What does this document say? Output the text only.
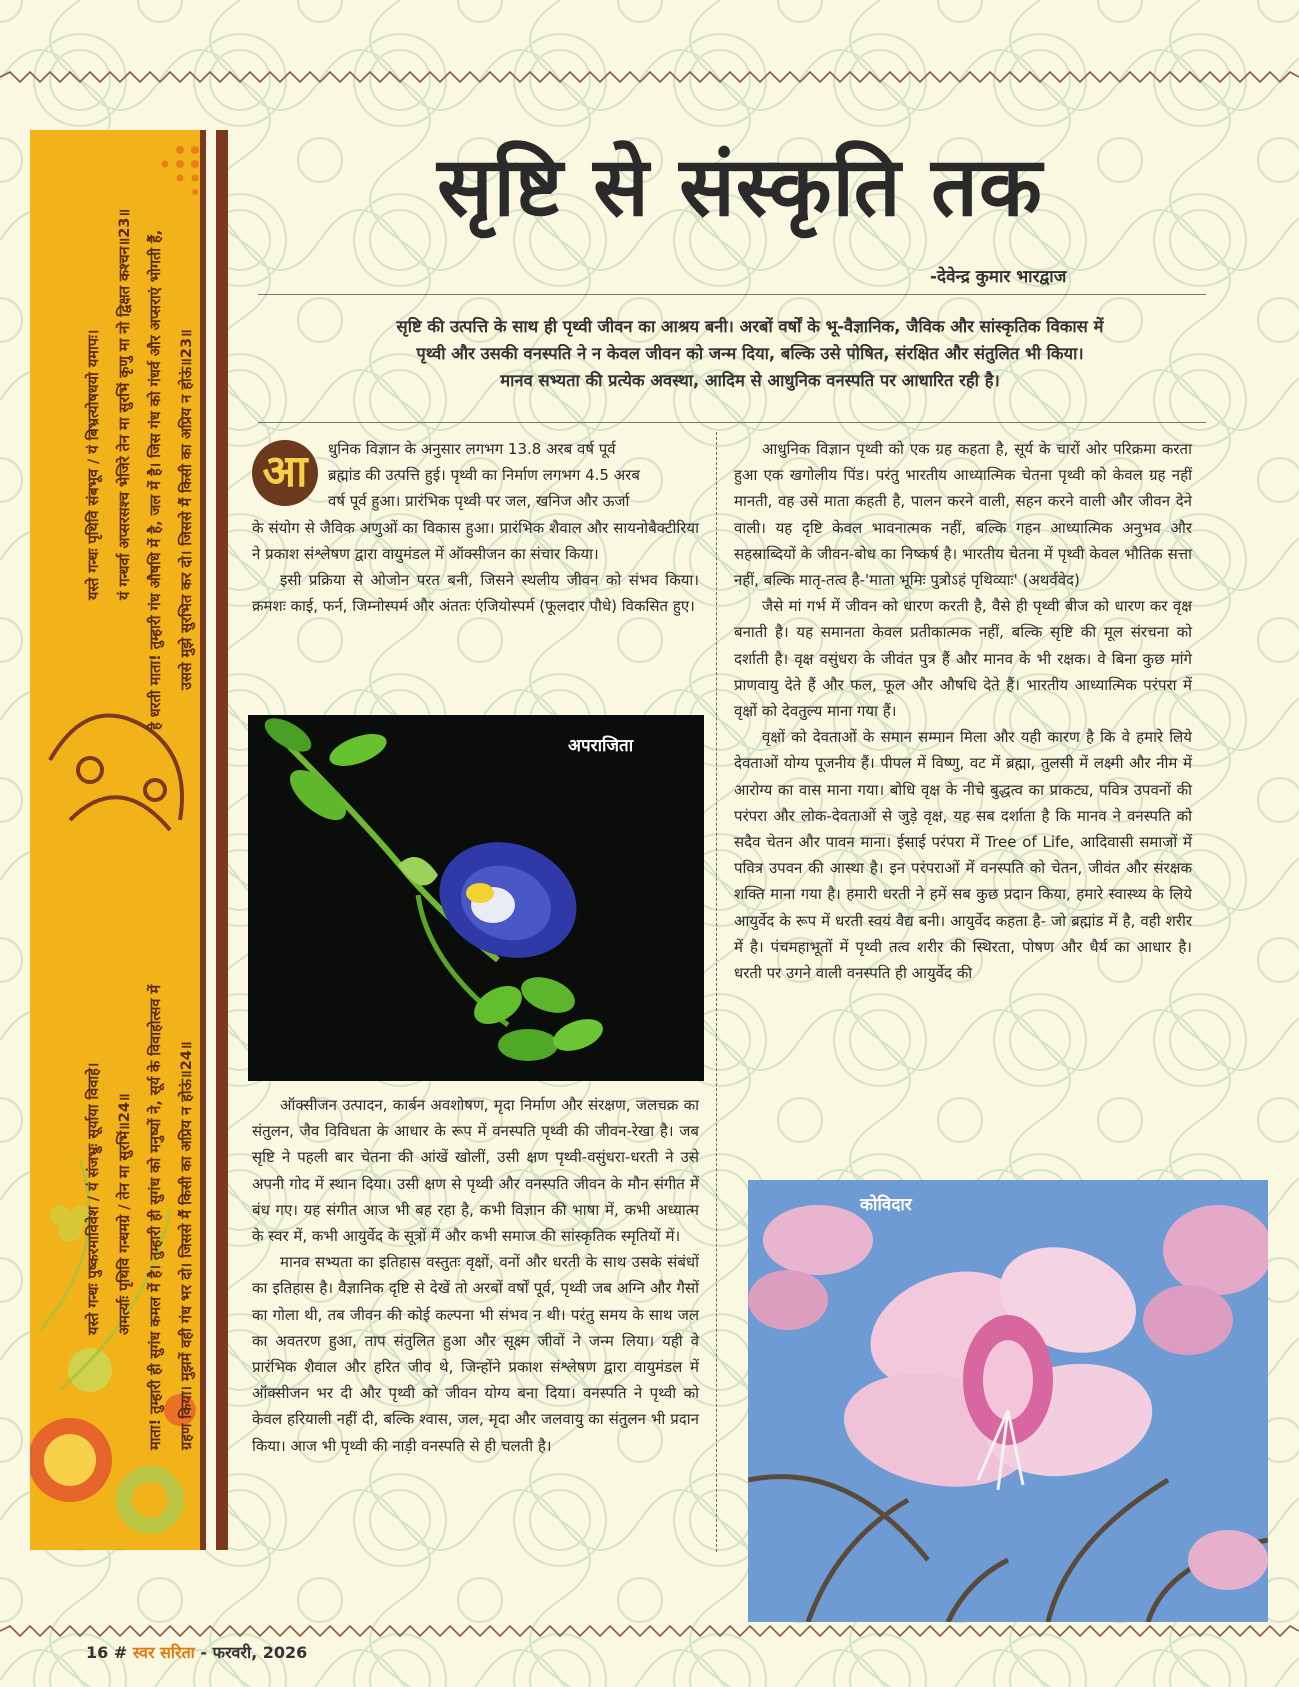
यस्ते गन्धः पृथिवि संबभूव / यं बिभ्रत्योषधयो यमापः। यं गन्धर्वा अप्सरसश्च भेजिरे तेन मा सुरभिं कृणु मा नो द्विक्षत कश्चन॥23॥ हे धरती माता! तुम्हारी गंध औषधि में है, जल में है। जिस गंध को गंधर्व और अप्सराएं भोगती हैं, उससे मुझे सुरभित कर दो। जिससे मैं किसी का अप्रिय न होऊं॥23॥
यस्ते गन्धः पुष्करमाविवेश / यं संजभ्रुः सूर्याया विवाहे। अमर्त्याः पृथिवि गन्धमग्रे / तेन मा सुरभिं॥24॥ माता! तुम्हारी ही सुगंध कमल में है। तुम्हारी ही सुगंध को मनुष्यों ने, सूर्य के विवाहोत्सव में ग्रहण किया। मुझमें वही गंध भर दो। जिससे मैं किसी का अप्रिय न होऊं॥24॥
सृष्टि से संस्कृति तक
-देवेन्द्र कुमार भारद्वाज
सृष्टि की उत्पत्ति के साथ ही पृथ्वी जीवन का आश्रय बनी। अरबों वर्षों के भू-वैज्ञानिक, जैविक और सांस्कृतिक विकास में
पृथ्वी और उसकी वनस्पति ने न केवल जीवन को जन्म दिया, बल्कि उसे पोषित, संरक्षित और संतुलित भी किया।
मानव सभ्यता की प्रत्येक अवस्था, आदिम से आधुनिक वनस्पति पर आधारित रही है।
आ	धुनिक विज्ञान के अनुसार लगभग 13.8 अरब वर्ष पूर्व

ब्रह्मांड की उत्पत्ति हुई। पृथ्वी का निर्माण लगभग 4.5 अरब

वर्ष पूर्व हुआ। प्रारंभिक पृथ्वी पर जल, खनिज और ऊर्जा

के संयोग से जैविक अणुओं का विकास हुआ। प्रारंभिक शैवाल और सायनोबैक्टीरिया ने प्रकाश संश्लेषण द्वारा वायुमंडल में ऑक्सीजन का संचार किया।

इसी प्रक्रिया से ओजोन परत बनी, जिसने स्थलीय जीवन को संभव किया। क्रमशः काई, फर्न, जिम्नोस्पर्म और अंततः एंजियोस्पर्म (फूलदार पौधे) विकसित हुए।

अपराजिता

ऑक्सीजन उत्पादन, कार्बन अवशोषण, मृदा निर्माण और संरक्षण, जलचक्र का संतुलन, जैव विविधता के आधार के रूप में वनस्पति पृथ्वी की जीवन-रेखा है। जब सृष्टि ने पहली बार चेतना की आंखें खोलीं, उसी क्षण पृथ्वी-वसुंधरा-धरती ने उसे अपनी गोद में स्थान दिया। उसी क्षण से पृथ्वी और वनस्पति जीवन के मौन संगीत में बंध गए। यह संगीत आज भी बह रहा है, कभी विज्ञान की भाषा में, कभी अध्यात्म के स्वर में, कभी आयुर्वेद के सूत्रों में और कभी समाज की सांस्कृतिक स्मृतियों में।

मानव सभ्यता का इतिहास वस्तुतः वृक्षों, वनों और धरती के साथ उसके संबंधों का इतिहास है। वैज्ञानिक दृष्टि से देखें तो अरबों वर्षों पूर्व, पृथ्वी जब अग्नि और गैसों का गोला थी, तब जीवन की कोई कल्पना भी संभव न थी। परंतु समय के साथ जल का अवतरण हुआ, ताप संतुलित हुआ और सूक्ष्म जीवों ने जन्म लिया। यही वे प्रारंभिक शैवाल और हरित जीव थे, जिन्होंने प्रकाश संश्लेषण द्वारा वायुमंडल में ऑक्सीजन भर दी और पृथ्वी को जीवन योग्य बना दिया। वनस्पति ने पृथ्वी को केवल हरियाली नहीं दी, बल्कि श्वास, जल, मृदा और जलवायु का संतुलन भी प्रदान किया। आज भी पृथ्वी की नाड़ी वनस्पति से ही चलती है।

आधुनिक विज्ञान पृथ्वी को एक ग्रह कहता है, सूर्य के चारों ओर परिक्रमा करता हुआ एक खगोलीय पिंड। परंतु भारतीय आध्यात्मिक चेतना पृथ्वी को केवल ग्रह नहीं मानती, वह उसे माता कहती है, पालन करने वाली, सहन करने वाली और जीवन देने वाली। यह दृष्टि केवल भावनात्मक नहीं, बल्कि गहन आध्यात्मिक अनुभव और सहस्राब्दियों के जीवन-बोध का निष्कर्ष है। भारतीय चेतना में पृथ्वी केवल भौतिक सत्ता नहीं, बल्कि मातृ-तत्व है-'माता भूमिः पुत्रोऽहं पृथिव्याः' (अथर्ववेद)

जैसे मां गर्भ में जीवन को धारण करती है, वैसे ही पृथ्वी बीज को धारण कर वृक्ष बनाती है। यह समानता केवल प्रतीकात्मक नहीं, बल्कि सृष्टि की मूल संरचना को दर्शाती है। वृक्ष वसुंधरा के जीवंत पुत्र हैं और मानव के भी रक्षक। वे बिना कुछ मांगे प्राणवायु देते हैं और फल, फूल और औषधि देते हैं। भारतीय आध्यात्मिक परंपरा में वृक्षों को देवतुल्य माना गया हैं।

वृक्षों को देवताओं के समान सम्मान मिला और यही कारण है कि वे हमारे लिये देवताओं योग्य पूजनीय हैं। पीपल में विष्णु, वट में ब्रह्मा, तुलसी में लक्ष्मी और नीम में आरोग्य का वास माना गया। बोधि वृक्ष के नीचे बुद्धत्व का प्राकट्य, पवित्र उपवनों की परंपरा और लोक-देवताओं से जुड़े वृक्ष, यह सब दर्शाता है कि मानव ने वनस्पति को सदैव चेतन और पावन माना। ईसाई परंपरा में Tree of Life, आदिवासी समाजों में पवित्र उपवन की आस्था है। इन परंपराओं में वनस्पति को चेतन, जीवंत और संरक्षक शक्ति माना गया है। हमारी धरती ने हमें सब कुछ प्रदान किया, हमारे स्वास्थ्य के लिये आयुर्वेद के रूप में धरती स्वयं वैद्य बनी। आयुर्वेद कहता है- जो ब्रह्मांड में है, वही शरीर में है। पंचमहाभूतों में पृथ्वी तत्व शरीर की स्थिरता, पोषण और धैर्य का आधार है। धरती पर उगने वाली वनस्पति ही आयुर्वेद की

कोविदार
16 # स्वर सरिता - फरवरी, 2026
